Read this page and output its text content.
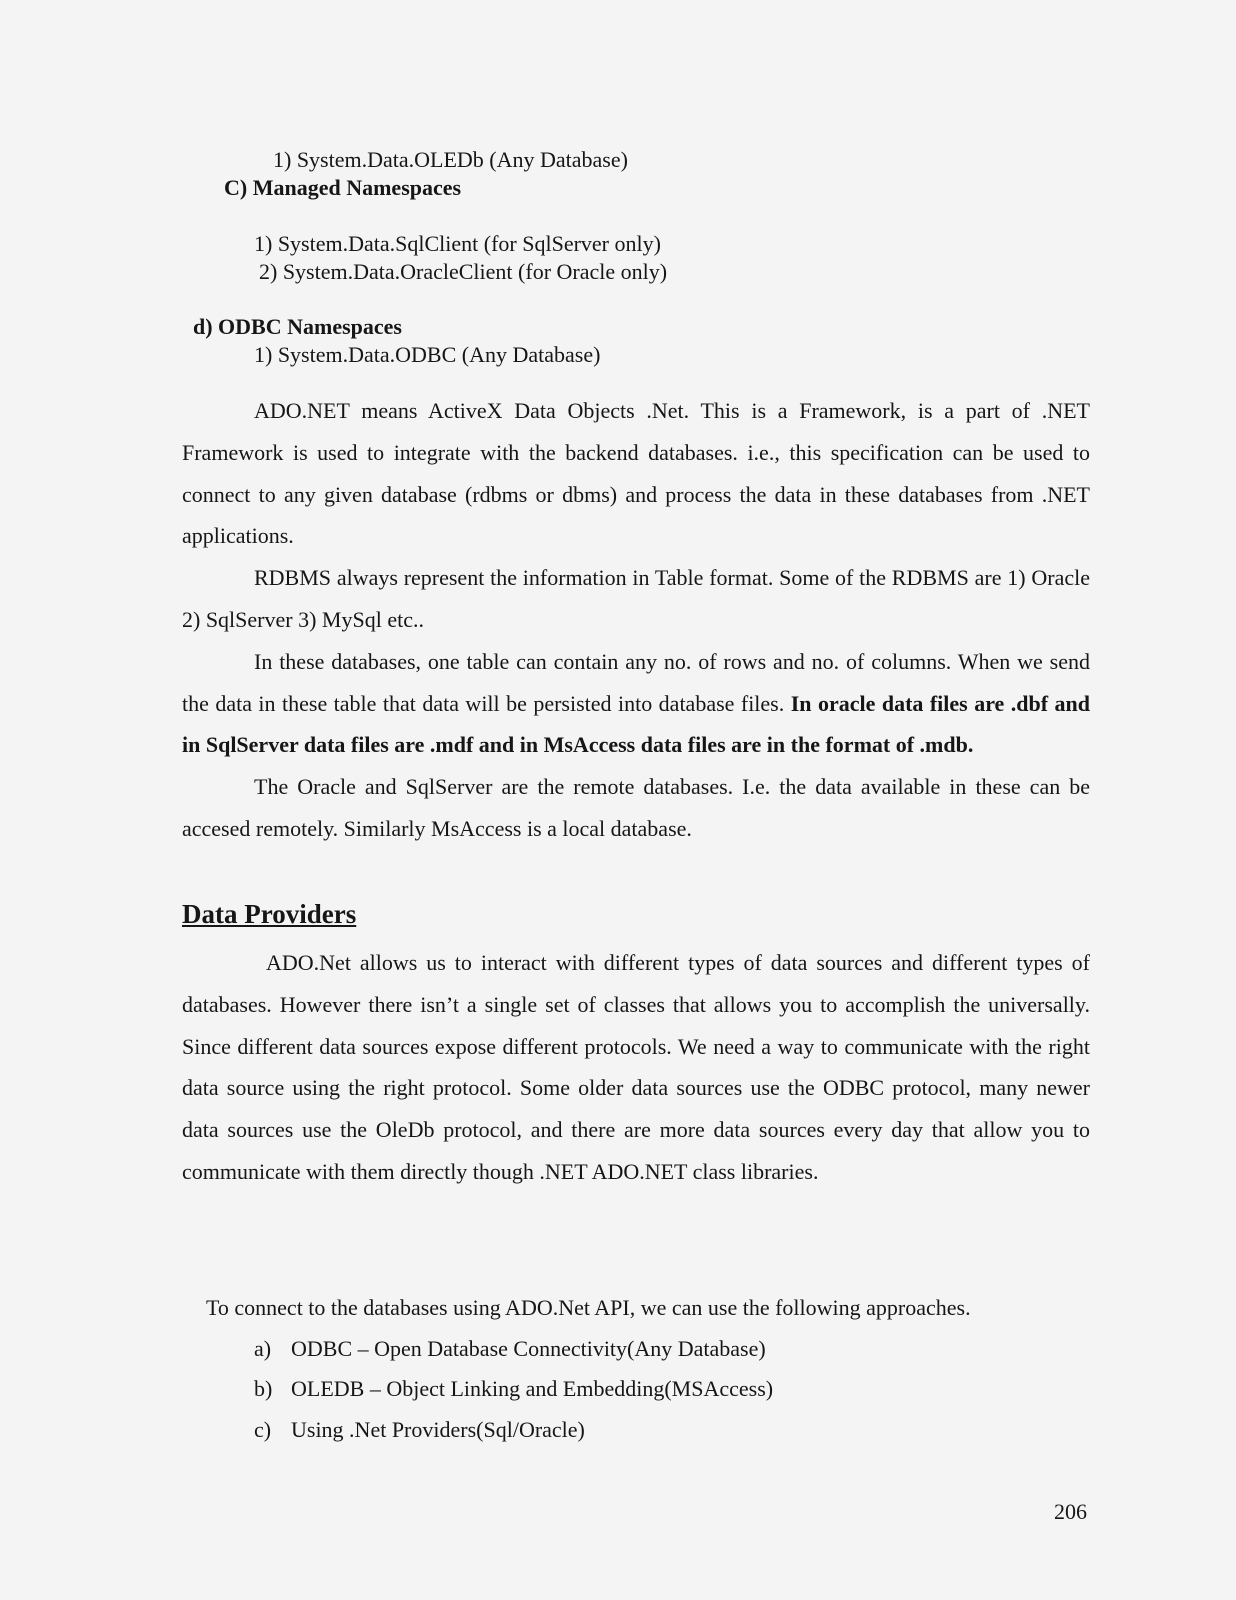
1) System.Data.OLEDb (Any Database)
C) Managed Namespaces
1) System.Data.SqlClient (for SqlServer only)
2) System.Data.OracleClient (for Oracle only)
d) ODBC Namespaces
1) System.Data.ODBC (Any Database)

ADO.NET means ActiveX Data Objects .Net. This is a Framework, is a part of .NET Framework is used to integrate with the backend databases. i.e., this specification can be used to connect to any given database (rdbms or dbms) and process the data in these databases from .NET applications.

RDBMS always represent the information in Table format. Some of the RDBMS are 1) Oracle 2) SqlServer 3) MySql etc..

In these databases, one table can contain any no. of rows and no. of columns. When we send the data in these table that data will be persisted into database files. In oracle data files are .dbf and in SqlServer data files are .mdf and in MsAccess data files are in the format of .mdb.

The Oracle and SqlServer are the remote databases. I.e. the data available in these can be accesed remotely. Similarly MsAccess is a local database.

Data Providers

ADO.Net allows us to interact with different types of data sources and different types of databases. However there isn’t a single set of classes that allows you to accomplish the universally. Since different data sources expose different protocols. We need a way to communicate with the right data source using the right protocol. Some older data sources use the ODBC protocol, many newer data sources use the OleDb protocol, and there are more data sources every day that allow you to communicate with them directly though .NET ADO.NET class libraries.

To connect to the databases using ADO.Net API, we can use the following approaches.
a) ODBC – Open Database Connectivity(Any Database)
b) OLEDB – Object Linking and Embedding(MSAccess)
c) Using .Net Providers(Sql/Oracle)
206
